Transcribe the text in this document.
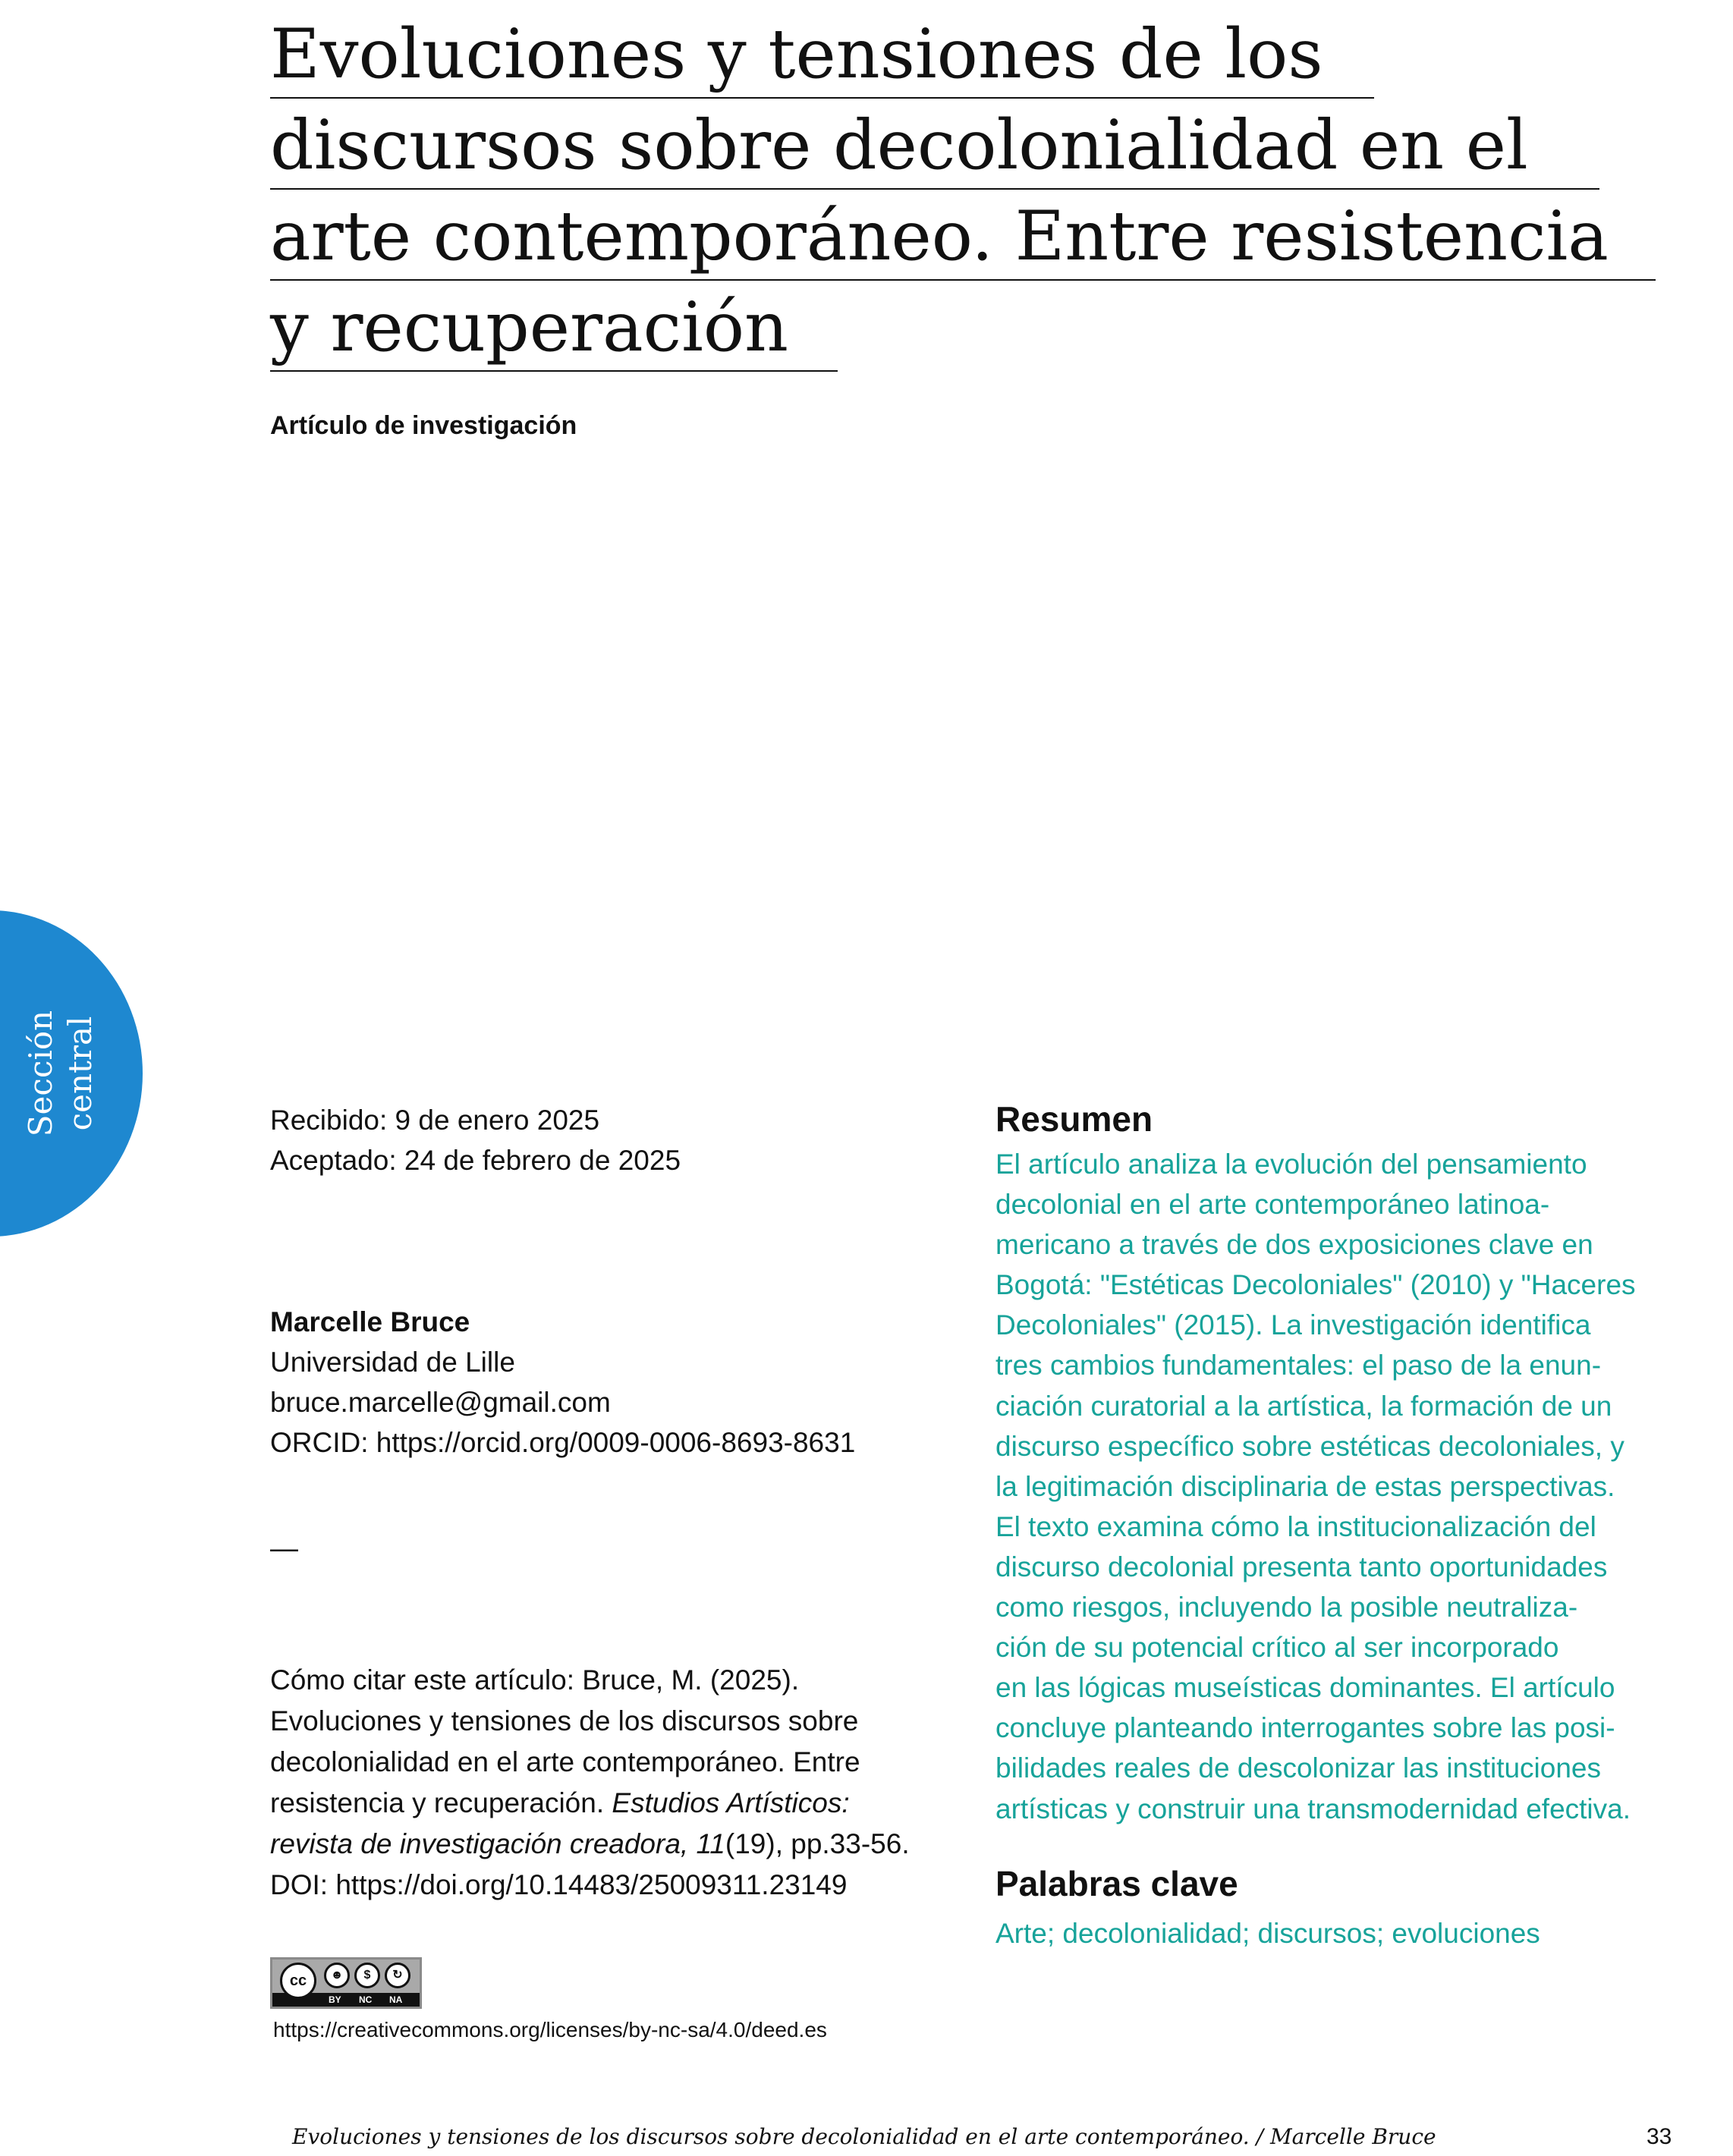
Evoluciones y tensiones de los
discursos sobre decolonialidad en el
arte contemporáneo. Entre resistencia
y recuperación
Artículo de investigación
Sección central	Recibido: 9 de enero 2025
Aceptado: 24 de febrero de 2025
Marcelle Bruce
Universidad de Lille
bruce.marcelle@gmail.com
ORCID: https://orcid.org/0009-0006-8693-8631
—
Cómo citar este artículo: Bruce, M. (2025).
Evoluciones y tensiones de los discursos sobre
decolonialidad en el arte contemporáneo. Entre
resistencia y recuperación. Estudios Artísticos:
revista de investigación creadora, 11(19), pp.33-56.
DOI: https://doi.org/10.14483/25009311.23149
cc	☻	$	↻
BY NC NA
https://creativecommons.org/licenses/by-nc-sa/4.0/deed.es
Resumen
El artículo analiza la evolución del pensamiento
decolonial en el arte contemporáneo latinoa-
mericano a través de dos exposiciones clave en
Bogotá: "Estéticas Decoloniales" (2010) y "Haceres
Decoloniales" (2015). La investigación identifica
tres cambios fundamentales: el paso de la enun-
ciación curatorial a la artística, la formación de un
discurso específico sobre estéticas decoloniales, y
la legitimación disciplinaria de estas perspectivas.
El texto examina cómo la institucionalización del
discurso decolonial presenta tanto oportunidades
como riesgos, incluyendo la posible neutraliza-
ción de su potencial crítico al ser incorporado
en las lógicas museísticas dominantes. El artículo
concluye planteando interrogantes sobre las posi-
bilidades reales de descolonizar las instituciones
artísticas y construir una transmodernidad efectiva.
Palabras clave
Arte; decolonialidad; discursos; evoluciones
Evoluciones y tensiones de los discursos sobre decolonialidad en el arte contemporáneo. / Marcelle Bruce	33
